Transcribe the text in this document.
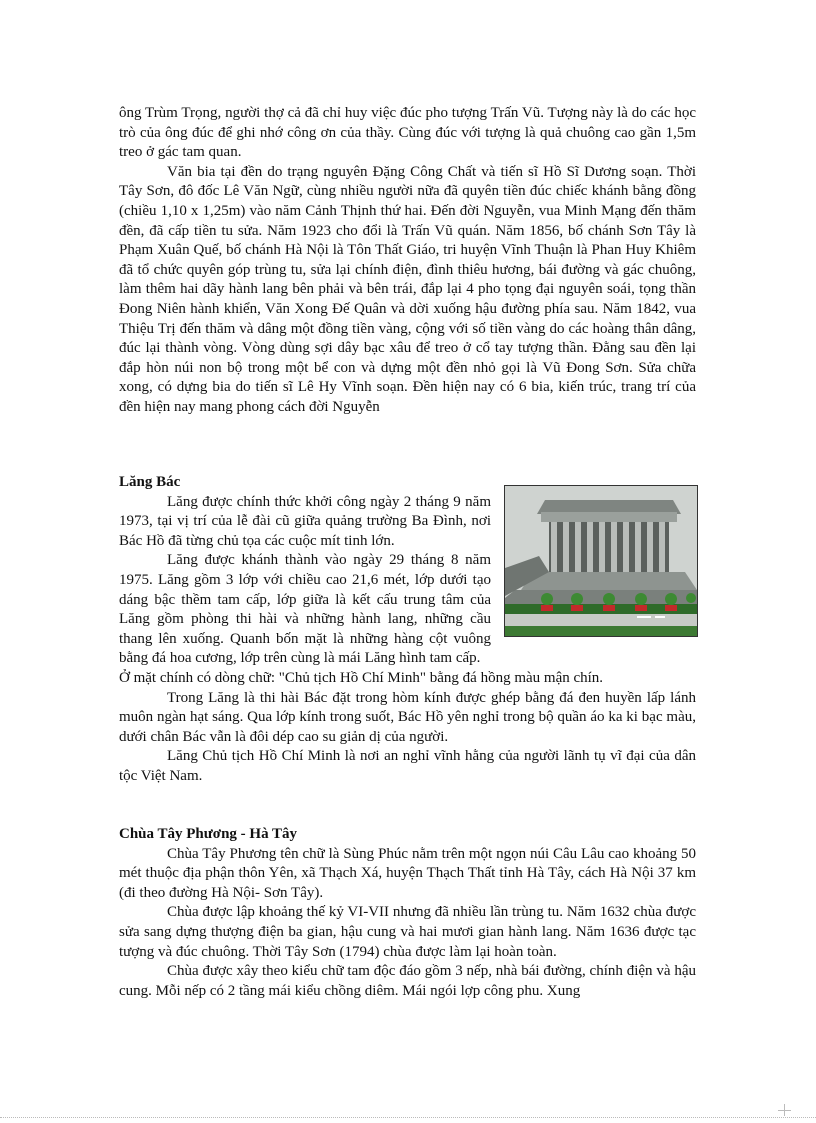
ông Trùm Trọng, người thợ cả đã chỉ huy việc đúc pho tượng Trấn Vũ. Tượng này là do các học trò của ông đúc để ghi nhớ công ơn của thầy. Cùng đúc với tượng là quả chuông cao gần 1,5m treo ở gác tam quan.

Văn bia tại đền do trạng nguyên Đặng Công Chất và tiến sĩ Hồ Sĩ Dương soạn. Thời Tây Sơn, đô đốc Lê Văn Ngữ, cùng nhiều người nữa đã quyên tiền đúc chiếc khánh bằng đồng (chiều 1,10 x 1,25m) vào năm Cảnh Thịnh thứ hai. Đến đời Nguyễn, vua Minh Mạng đến thăm đền, đã cấp tiền tu sửa. Năm 1923 cho đổi là Trấn Vũ quán. Năm 1856, bố chánh Sơn Tây là Phạm Xuân Quế, bố chánh Hà Nội là Tôn Thất Giáo, tri huyện Vĩnh Thuận là Phan Huy Khiêm đã tổ chức quyên góp trùng tu, sửa lại chính điện, đình thiêu hương, bái đường và gác chuông, làm thêm hai dãy hành lang bên phải và bên trái, đắp lại 4 pho tọng đại nguyên soái, tọng thần Đong Niên hành khiển, Văn Xong Đế Quân và dời xuống hậu đường phía sau. Năm 1842, vua Thiệu Trị đến thăm và dâng một đồng tiền vàng, cộng với số tiền vàng do các hoàng thân dâng, đúc lại thành vòng. Vòng dùng sợi dây bạc xâu để treo ở cổ tay tượng thần. Đằng sau đền lại đắp hòn núi non bộ trong một bể con và dựng một đền nhỏ gọi là Vũ Đong Sơn. Sửa chữa xong, có dựng bia do tiến sĩ Lê Hy Vĩnh soạn. Đền hiện nay có 6 bia, kiến trúc, trang trí của đền hiện nay mang phong cách đời Nguyễn

Lăng Bác

Lăng được chính thức khởi công ngày 2 tháng 9 năm 1973, tại vị trí của lễ đài cũ giữa quảng trường Ba Đình, nơi Bác Hồ đã từng chủ tọa các cuộc mít tinh lớn.

Lăng được khánh thành vào ngày 29 tháng 8 năm 1975. Lăng gồm 3 lớp với chiều cao 21,6 mét, lớp dưới tạo dáng bậc thềm tam cấp, lớp giữa là kết cấu trung tâm của Lăng gồm phòng thi hài và những hành lang, những cầu thang lên xuống. Quanh bốn mặt là những hàng cột vuông bằng đá hoa cương, lớp trên cùng là mái Lăng hình tam cấp.

Ở mặt chính có dòng chữ: "Chủ tịch Hồ Chí Minh" bằng đá hồng màu mận chín.

Trong Lăng là thi hài Bác đặt trong hòm kính được ghép bằng đá đen huyền lấp lánh muôn ngàn hạt sáng. Qua lớp kính trong suốt, Bác Hồ yên nghỉ trong bộ quần áo ka ki bạc màu, dưới chân Bác vẫn là đôi dép cao su giản dị của người.

Lăng Chủ tịch Hồ Chí Minh là nơi an nghỉ vĩnh hằng của người lãnh tụ vĩ đại của dân tộc Việt Nam.

Chùa Tây Phương - Hà Tây

Chùa Tây Phương tên chữ là Sùng Phúc nằm trên một ngọn núi Câu Lâu cao khoảng 50 mét thuộc địa phận thôn Yên, xã Thạch Xá, huyện Thạch Thất tỉnh Hà Tây, cách Hà Nội 37 km (đi theo đường Hà Nội- Sơn Tây).

Chùa được lập khoảng thế kỷ VI-VII nhưng đã nhiều lần trùng tu. Năm 1632 chùa được sửa sang dựng thượng điện ba gian, hậu cung và hai mươi gian hành lang. Năm 1636 được tạc tượng và đúc chuông. Thời Tây Sơn (1794) chùa được làm lại hoàn toàn.

Chùa được xây theo kiểu chữ tam độc đáo gồm 3 nếp, nhà bái đường, chính điện và hậu cung. Mỗi nếp có 2 tầng mái kiểu chồng diêm. Mái ngói lợp công phu. Xung
